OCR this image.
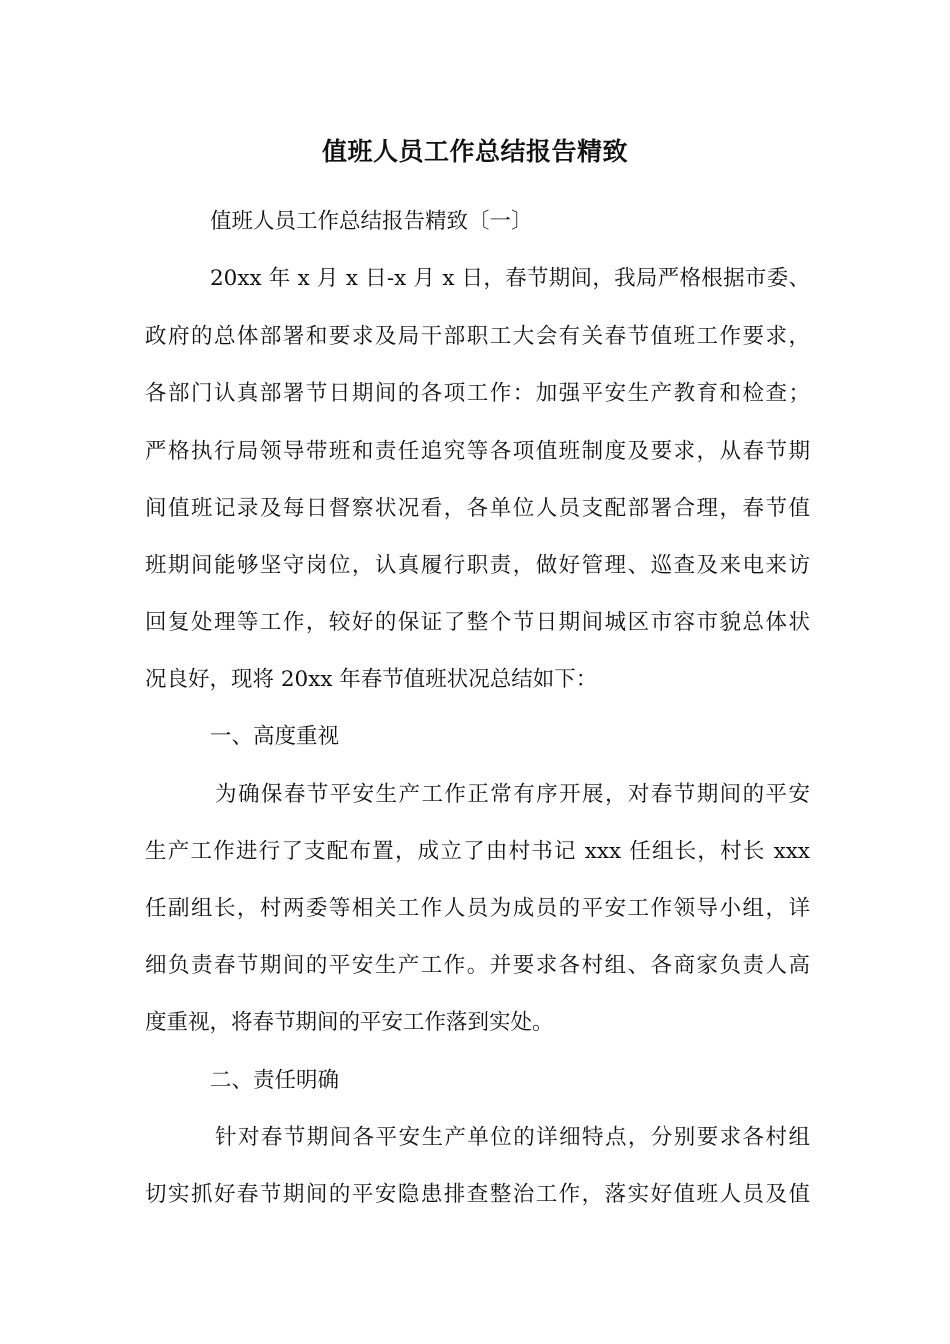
值班人员工作总结报告精致

值班人员工作总结报告精致〔一〕

20xx 年 x 月 x 日-x 月 x 日，春节期间，我局严格根据市委、

政府的总体部署和要求及局干部职工大会有关春节值班工作要求，

各部门认真部署节日期间的各项工作：加强平安生产教育和检查；

严格执行局领导带班和责任追究等各项值班制度及要求，从春节期

间值班记录及每日督察状况看，各单位人员支配部署合理，春节值

班期间能够坚守岗位，认真履行职责，做好管理、巡查及来电来访

回复处理等工作，较好的保证了整个节日期间城区市容市貌总体状

况良好，现将 20xx 年春节值班状况总结如下：

一、高度重视

为确保春节平安生产工作正常有序开展，对春节期间的平安

生产工作进行了支配布置，成立了由村书记 xxx 任组长，村长 xxx

任副组长，村两委等相关工作人员为成员的平安工作领导小组，详

细负责春节期间的平安生产工作。并要求各村组、各商家负责人高

度重视，将春节期间的平安工作落到实处。

二、责任明确

针对春节期间各平安生产单位的详细特点，分别要求各村组

切实抓好春节期间的平安隐患排查整治工作，落实好值班人员及值
